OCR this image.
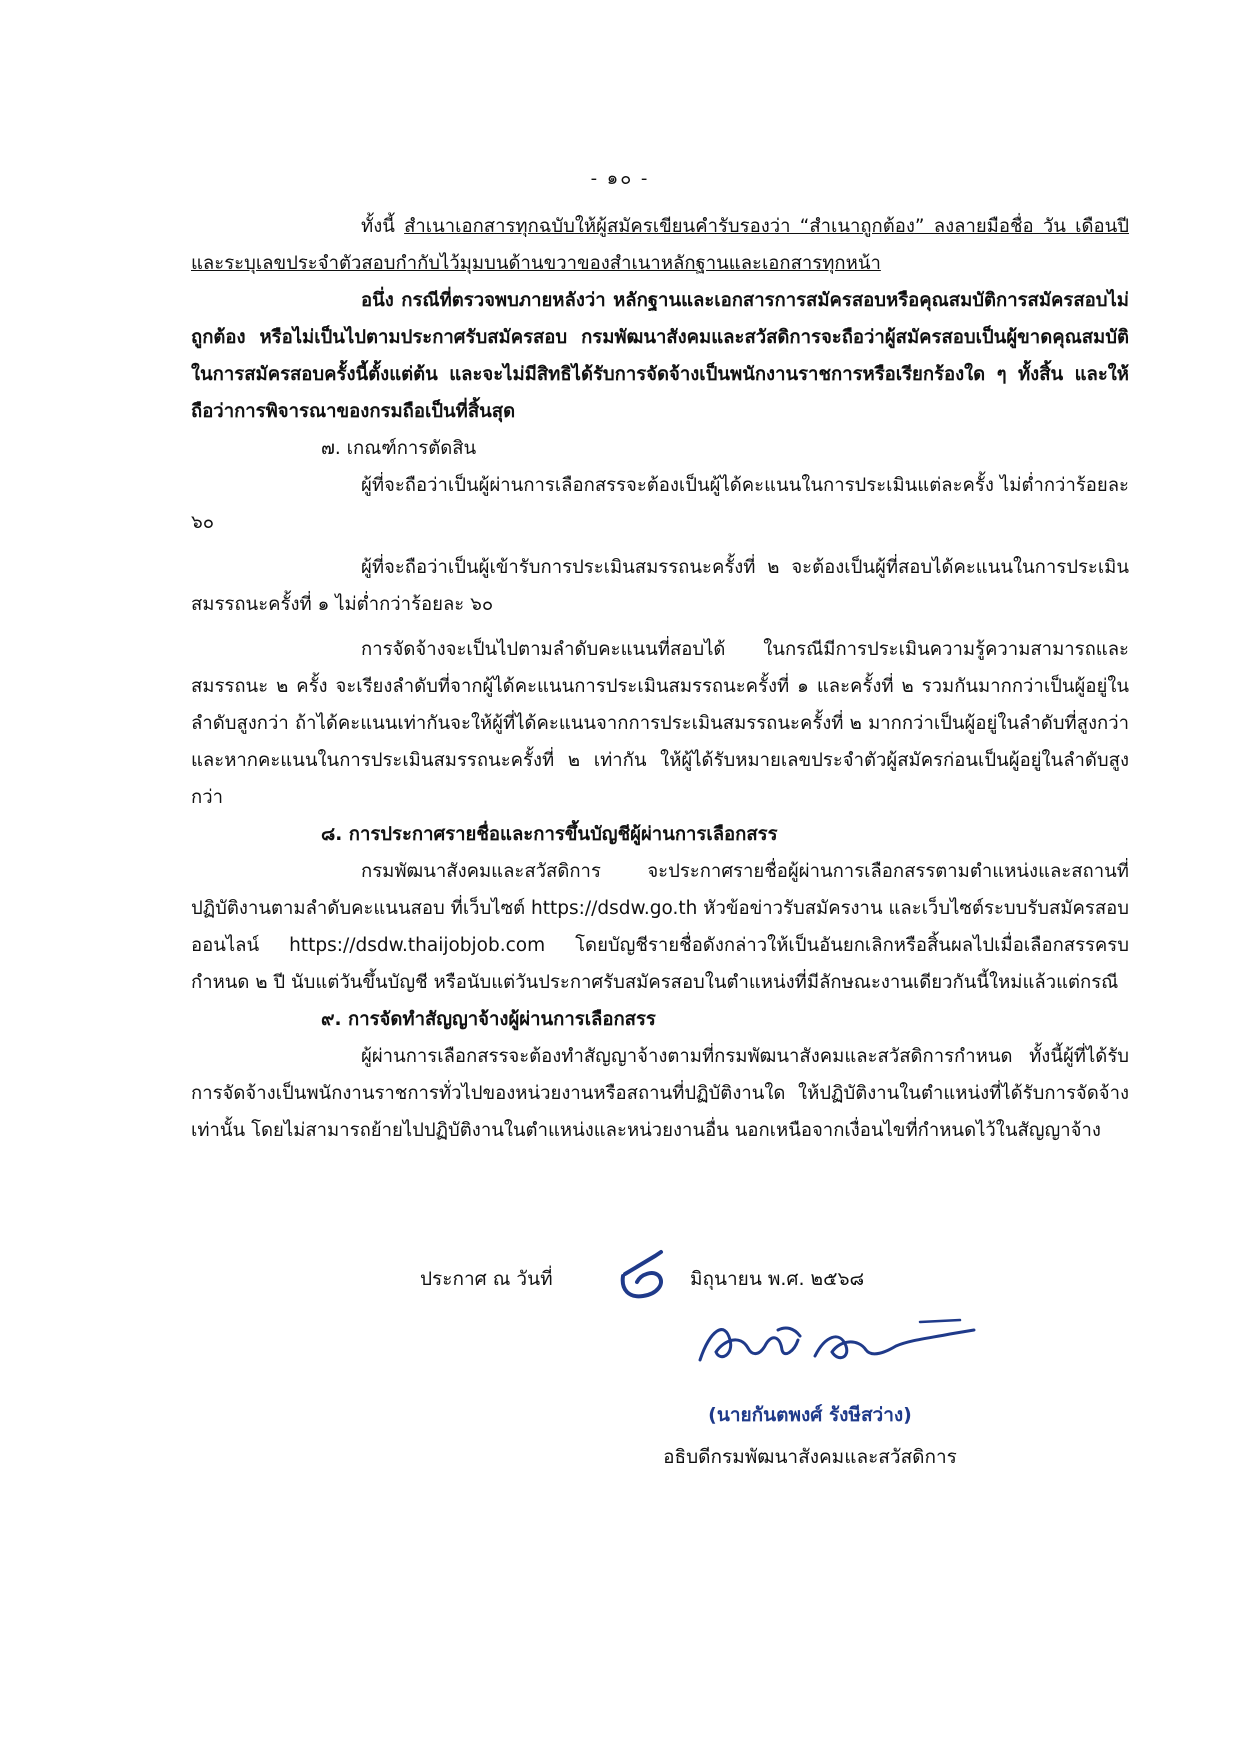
- ๑๐ -

ทั้งนี้ สำเนาเอกสารทุกฉบับให้ผู้สมัครเขียนคำรับรองว่า “สำเนาถูกต้อง” ลงลายมือชื่อ วัน เดือนปี และระบุเลขประจำตัวสอบกำกับไว้มุมบนด้านขวาของสำเนาหลักฐานและเอกสารทุกหน้า

อนึ่ง กรณีที่ตรวจพบภายหลังว่า หลักฐานและเอกสารการสมัครสอบหรือคุณสมบัติการสมัครสอบไม่ถูกต้อง หรือไม่เป็นไปตามประกาศรับสมัครสอบ กรมพัฒนาสังคมและสวัสดิการจะถือว่าผู้สมัครสอบเป็นผู้ขาดคุณสมบัติในการสมัครสอบครั้งนี้ตั้งแต่ต้น และจะไม่มีสิทธิได้รับการจัดจ้างเป็นพนักงานราชการหรือเรียกร้องใด ๆ ทั้งสิ้น และให้ถือว่าการพิจารณาของกรมถือเป็นที่สิ้นสุด

๗. เกณฑ์การตัดสิน

ผู้ที่จะถือว่าเป็นผู้ผ่านการเลือกสรรจะต้องเป็นผู้ได้คะแนนในการประเมินแต่ละครั้ง ไม่ต่ำกว่าร้อยละ ๖๐

ผู้ที่จะถือว่าเป็นผู้เข้ารับการประเมินสมรรถนะครั้งที่ ๒ จะต้องเป็นผู้ที่สอบได้คะแนนในการประเมินสมรรถนะครั้งที่ ๑ ไม่ต่ำกว่าร้อยละ ๖๐

การจัดจ้างจะเป็นไปตามลำดับคะแนนที่สอบได้ ในกรณีมีการประเมินความรู้ความสามารถและสมรรถนะ ๒ ครั้ง จะเรียงลำดับที่จากผู้ได้คะแนนการประเมินสมรรถนะครั้งที่ ๑ และครั้งที่ ๒ รวมกันมากกว่าเป็นผู้อยู่ในลำดับสูงกว่า ถ้าได้คะแนนเท่ากันจะให้ผู้ที่ได้คะแนนจากการประเมินสมรรถนะครั้งที่ ๒ มากกว่าเป็นผู้อยู่ในลำดับที่สูงกว่า และหากคะแนนในการประเมินสมรรถนะครั้งที่ ๒ เท่ากัน ให้ผู้ได้รับหมายเลขประจำตัวผู้สมัครก่อนเป็นผู้อยู่ในลำดับสูงกว่า

๘. การประกาศรายชื่อและการขึ้นบัญชีผู้ผ่านการเลือกสรร

กรมพัฒนาสังคมและสวัสดิการ จะประกาศรายชื่อผู้ผ่านการเลือกสรรตามตำแหน่งและสถานที่ปฏิบัติงานตามลำดับคะแนนสอบ ที่เว็บไซต์ https://dsdw.go.th หัวข้อข่าวรับสมัครงาน และเว็บไซต์ระบบรับสมัครสอบออนไลน์ https://dsdw.thaijobjob.com โดยบัญชีรายชื่อดังกล่าวให้เป็นอันยกเลิกหรือสิ้นผลไปเมื่อเลือกสรรครบกำหนด ๒ ปี นับแต่วันขึ้นบัญชี หรือนับแต่วันประกาศรับสมัครสอบในตำแหน่งที่มีลักษณะงานเดียวกันนี้ใหม่แล้วแต่กรณี

๙. การจัดทำสัญญาจ้างผู้ผ่านการเลือกสรร

ผู้ผ่านการเลือกสรรจะต้องทำสัญญาจ้างตามที่กรมพัฒนาสังคมและสวัสดิการกำหนด ทั้งนี้ผู้ที่ได้รับการจัดจ้างเป็นพนักงานราชการทั่วไปของหน่วยงานหรือสถานที่ปฏิบัติงานใด ให้ปฏิบัติงานในตำแหน่งที่ได้รับการจัดจ้างเท่านั้น โดยไม่สามารถย้ายไปปฏิบัติงานในตำแหน่งและหน่วยงานอื่น นอกเหนือจากเงื่อนไขที่กำหนดไว้ในสัญญาจ้าง

ประกาศ ณ วันที่	มิถุนายน พ.ศ. ๒๕๖๘
(นายกันตพงศ์ รังษีสว่าง)
อธิบดีกรมพัฒนาสังคมและสวัสดิการ
